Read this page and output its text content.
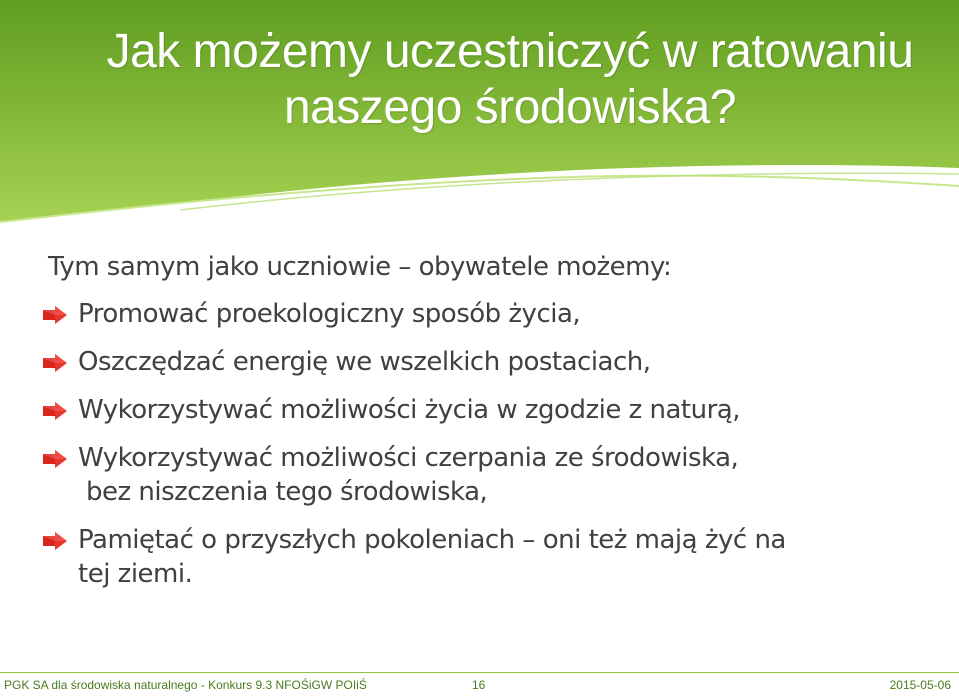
Jak możemy uczestniczyć w ratowaniu naszego środowiska?

Tym samym jako uczniowie – obywatele możemy:

Promować proekologiczny sposób życia,
Oszczędzać energię we wszelkich postaciach,
Wykorzystywać możliwości życia w zgodzie z naturą,
Wykorzystywać możliwości czerpania ze środowiska,
bez niszczenia tego środowiska,
Pamiętać o przyszłych pokoleniach – oni też mają żyć na
tej ziemi.
PGK SA dla środowiska naturalnego - Konkurs 9.3 NFOŚiGW POIiŚ	16	2015-05-06
